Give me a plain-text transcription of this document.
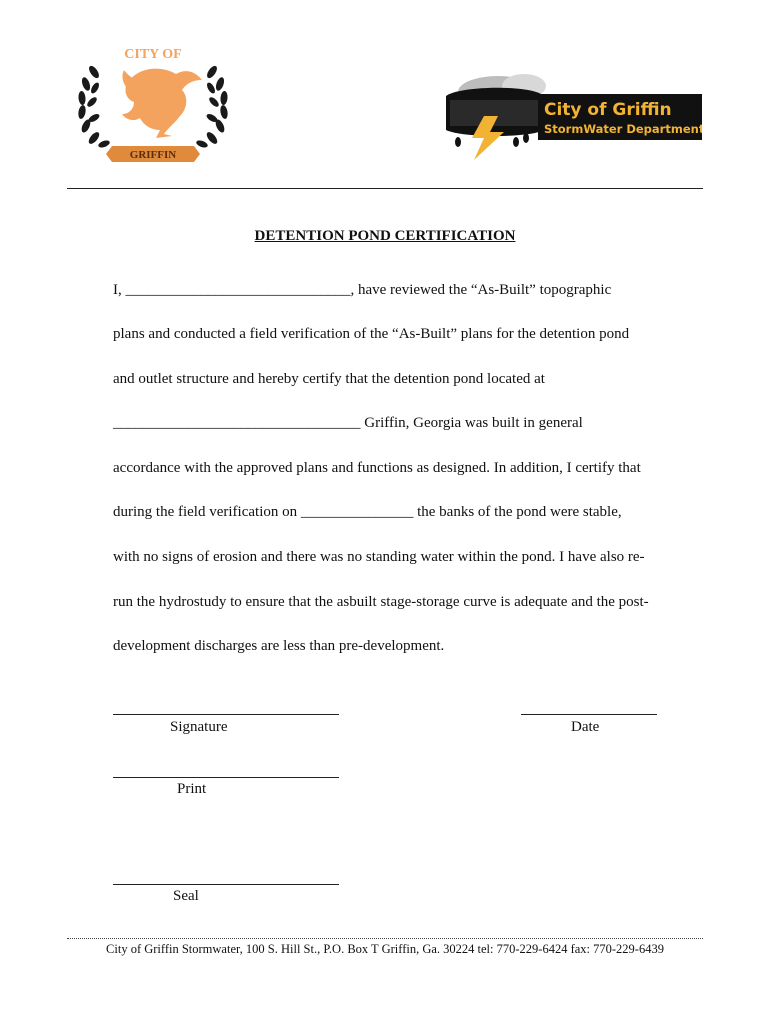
CITY OF
GRIFFIN
City of Griffin
StormWater Department
DETENTION POND CERTIFICATION
I, ______________________________, have reviewed the “As-Built” topographic
plans and conducted a field verification of the “As-Built” plans for the detention pond
and outlet structure and hereby certify that the detention pond located at
_________________________________ Griffin, Georgia was built in general
accordance with the approved plans and functions as designed. In addition, I certify that
during the field verification on _______________ the banks of the pond were stable,
with no signs of erosion and there was no standing water within the pond. I have also re-
run the hydrostudy to ensure that the asbuilt stage-storage curve is adequate and the post-
development discharges are less than pre-development.
Signature	Date
Print
Seal
City of Griffin Stormwater, 100 S. Hill St., P.O. Box T Griffin, Ga. 30224 tel: 770-229-6424 fax: 770-229-6439
